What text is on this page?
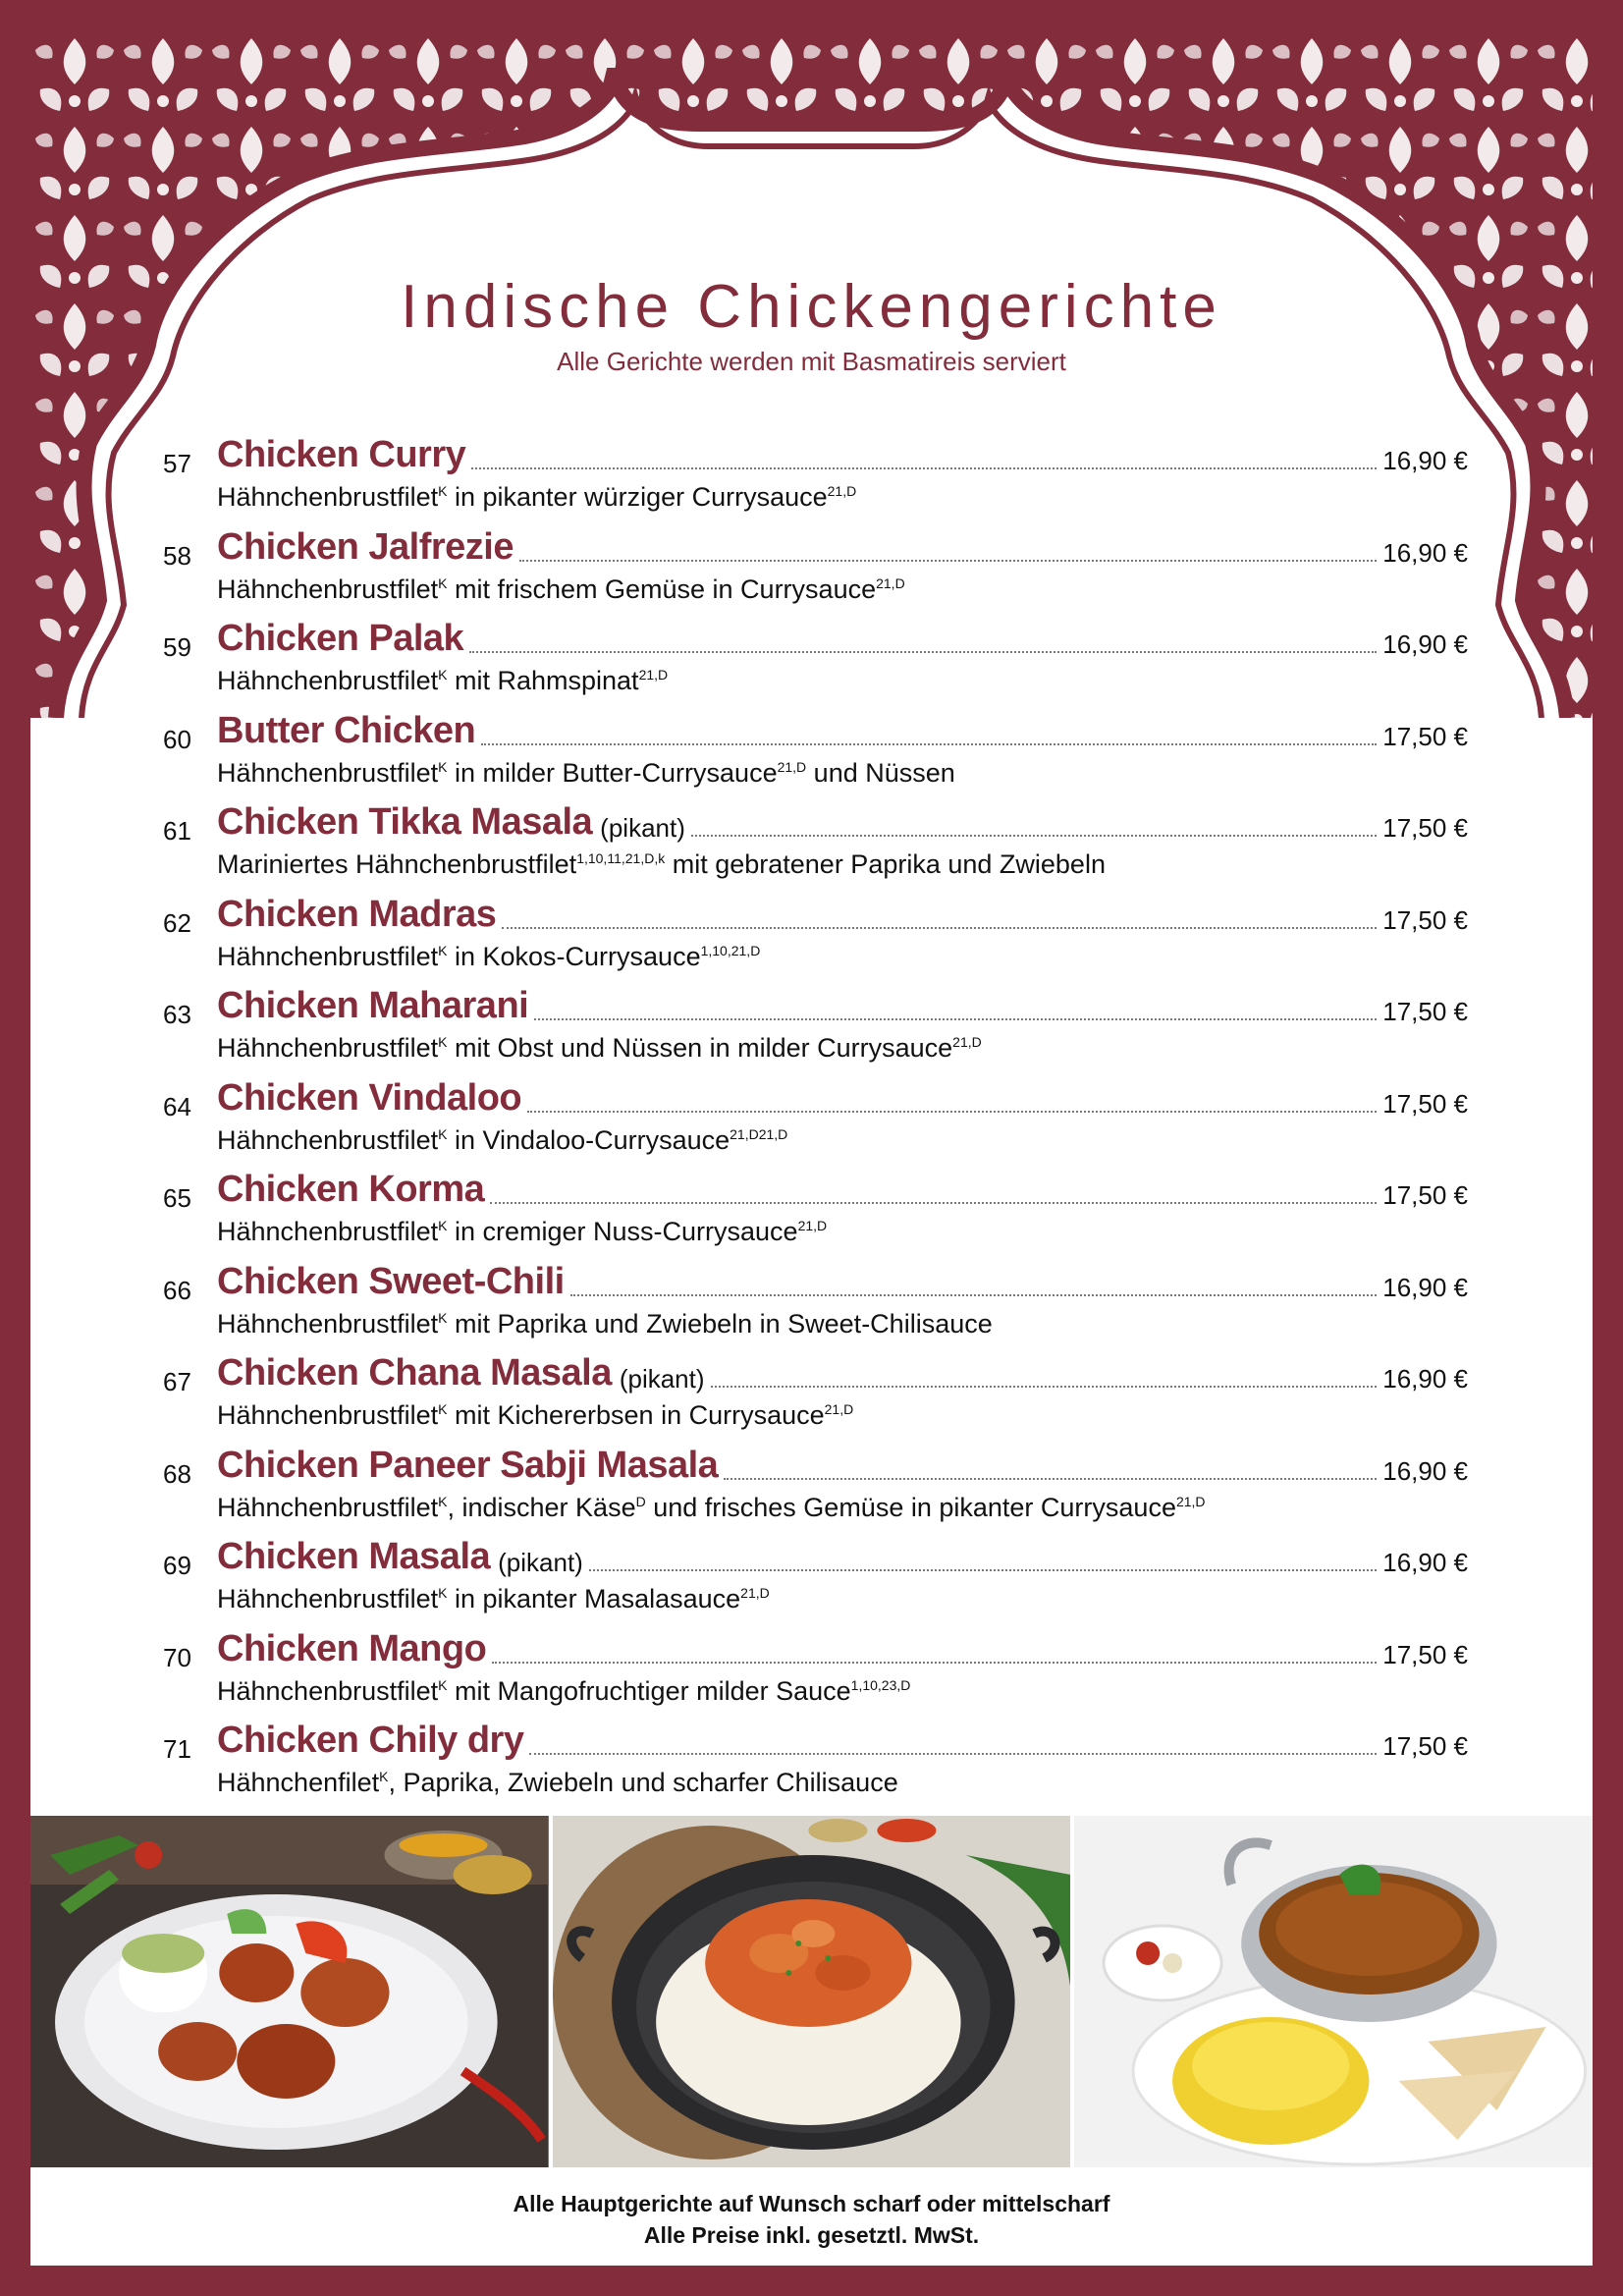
Indische Chickengerichte
Alle Gerichte werden mit Basmatireis serviert
57 Chicken Curry	16,90 €
Hähnchenbrustfilet$^K$ in pikanter würziger Currysauce$^{21,D}$
58 Chicken Jalfrezie	16,90 €
Hähnchenbrustfilet$^K$ mit frischem Gemüse in Currysauce$^{21,D}$
59 Chicken Palak	16,90 €
Hähnchenbrustfilet$^K$ mit Rahmspinat$^{21,D}$
60 Butter Chicken	17,50 €
Hähnchenbrustfilet$^K$ in milder Butter-Currysauce$^{21,D}$ und Nüssen
61 Chicken Tikka Masala (pikant)	17,50 €
Mariniertes Hähnchenbrustfilet$^{1,10,11,21,D,k}$ mit gebratener Paprika und Zwiebeln
62 Chicken Madras	17,50 €
Hähnchenbrustfilet$^K$ in Kokos-Currysauce$^{1,10,21,D}$
63 Chicken Maharani	17,50 €
Hähnchenbrustfilet$^K$ mit Obst und Nüssen in milder Currysauce$^{21,D}$
64 Chicken Vindaloo	17,50 €
Hähnchenbrustfilet$^K$ in Vindaloo-Currysauce$^{21,D21,D}$
65 Chicken Korma	17,50 €
Hähnchenbrustfilet$^K$ in cremiger Nuss-Currysauce$^{21,D}$
66 Chicken Sweet-Chili	16,90 €
Hähnchenbrustfilet$^K$ mit Paprika und Zwiebeln in Sweet-Chilisauce
67 Chicken Chana Masala (pikant)	16,90 €
Hähnchenbrustfilet$^K$ mit Kichererbsen in Currysauce$^{21,D}$
68 Chicken Paneer Sabji Masala	16,90 €
Hähnchenbrustfilet$^K$, indischer Käse$^D$ und frisches Gemüse in pikanter Currysauce$^{21,D}$
69 Chicken Masala (pikant)	16,90 €
Hähnchenbrustfilet$^K$ in pikanter Masalasauce$^{21,D}$
70 Chicken Mango	17,50 €
Hähnchenbrustfilet$^K$ mit Mangofruchtiger milder Sauce$^{1,10,23,D}$
71 Chicken Chily dry	17,50 €
Hähnchenfilet$^K$, Paprika, Zwiebeln und scharfer Chilisauce
Alle Hauptgerichte auf Wunsch scharf oder mittelscharf
Alle Preise inkl. gesetztl. MwSt.
